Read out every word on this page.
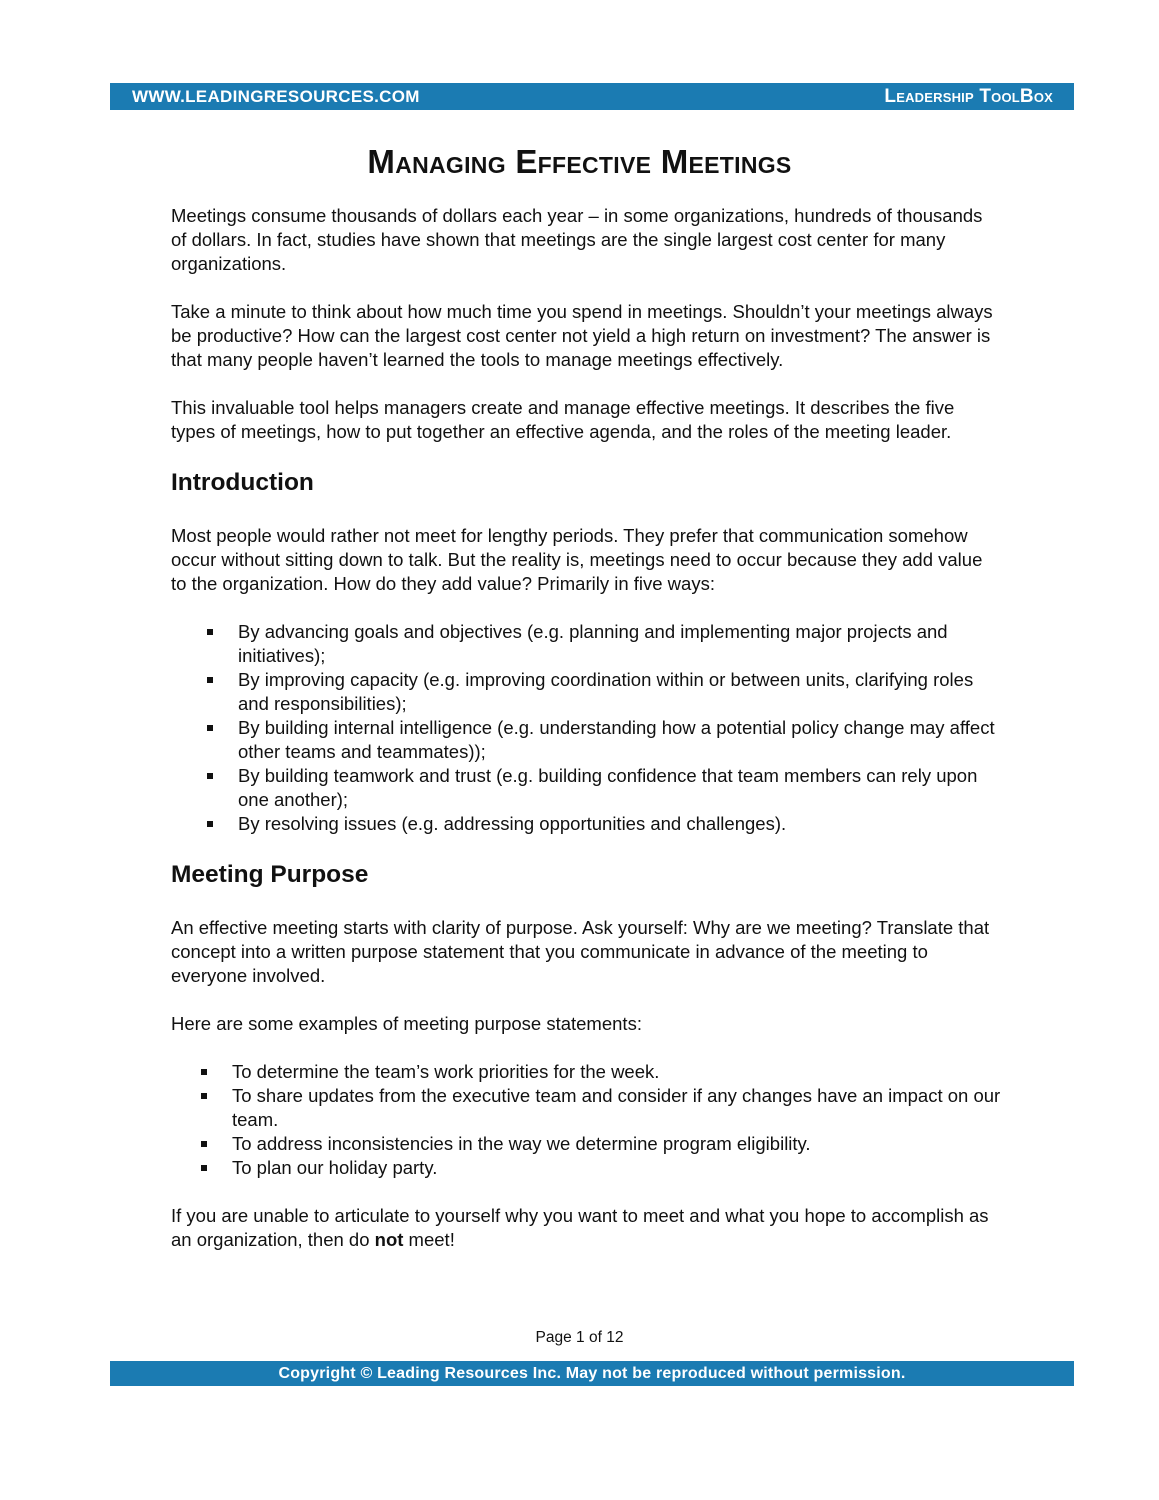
WWW.LEADINGRESOURCES.COM	Leadership ToolBox
Managing Effective Meetings

Meetings consume thousands of dollars each year – in some organizations, hundreds of thousands of dollars. In fact, studies have shown that meetings are the single largest cost center for many organizations.

Take a minute to think about how much time you spend in meetings. Shouldn’t your meetings always be productive? How can the largest cost center not yield a high return on investment? The answer is that many people haven’t learned the tools to manage meetings effectively.

This invaluable tool helps managers create and manage effective meetings. It describes the five types of meetings, how to put together an effective agenda, and the roles of the meeting leader.

Introduction

Most people would rather not meet for lengthy periods. They prefer that communication somehow occur without sitting down to talk. But the reality is, meetings need to occur because they add value to the organization. How do they add value? Primarily in five ways:

By advancing goals and objectives (e.g. planning and implementing major projects and initiatives);
By improving capacity (e.g. improving coordination within or between units, clarifying roles and responsibilities);
By building internal intelligence (e.g. understanding how a potential policy change may affect other teams and teammates));
By building teamwork and trust (e.g. building confidence that team members can rely upon one another);
By resolving issues (e.g. addressing opportunities and challenges).
Meeting Purpose

An effective meeting starts with clarity of purpose. Ask yourself: Why are we meeting? Translate that concept into a written purpose statement that you communicate in advance of the meeting to everyone involved.

Here are some examples of meeting purpose statements:

To determine the team’s work priorities for the week.
To share updates from the executive team and consider if any changes have an impact on our team.
To address inconsistencies in the way we determine program eligibility.
To plan our holiday party.

If you are unable to articulate to yourself why you want to meet and what you hope to accomplish as an organization, then do not meet!

Page 1 of 12
Copyright © Leading Resources Inc. May not be reproduced without permission.
